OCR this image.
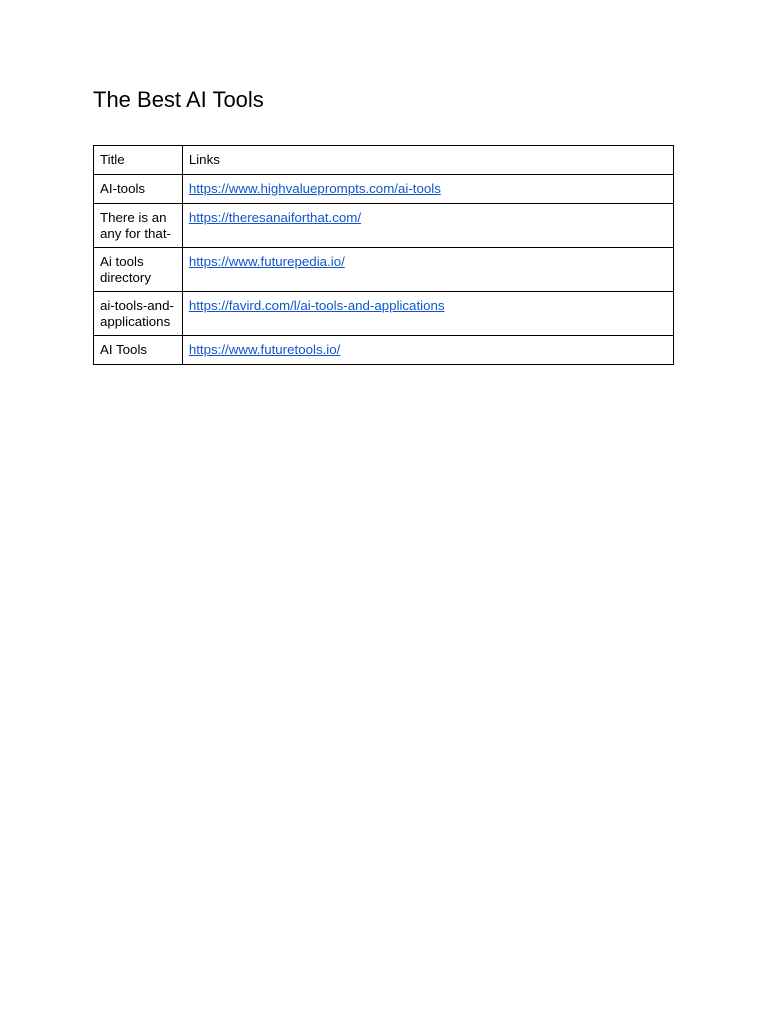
The Best AI Tools
Title	Links
AI-tools	https://www.highvalueprompts.com/ai-tools
There is an any for that-	https://theresanaiforthat.com/
Ai tools directory	https://www.futurepedia.io/
ai-tools-and-applications	https://favird.com/l/ai-tools-and-applications
AI Tools	https://www.futuretools.io/
